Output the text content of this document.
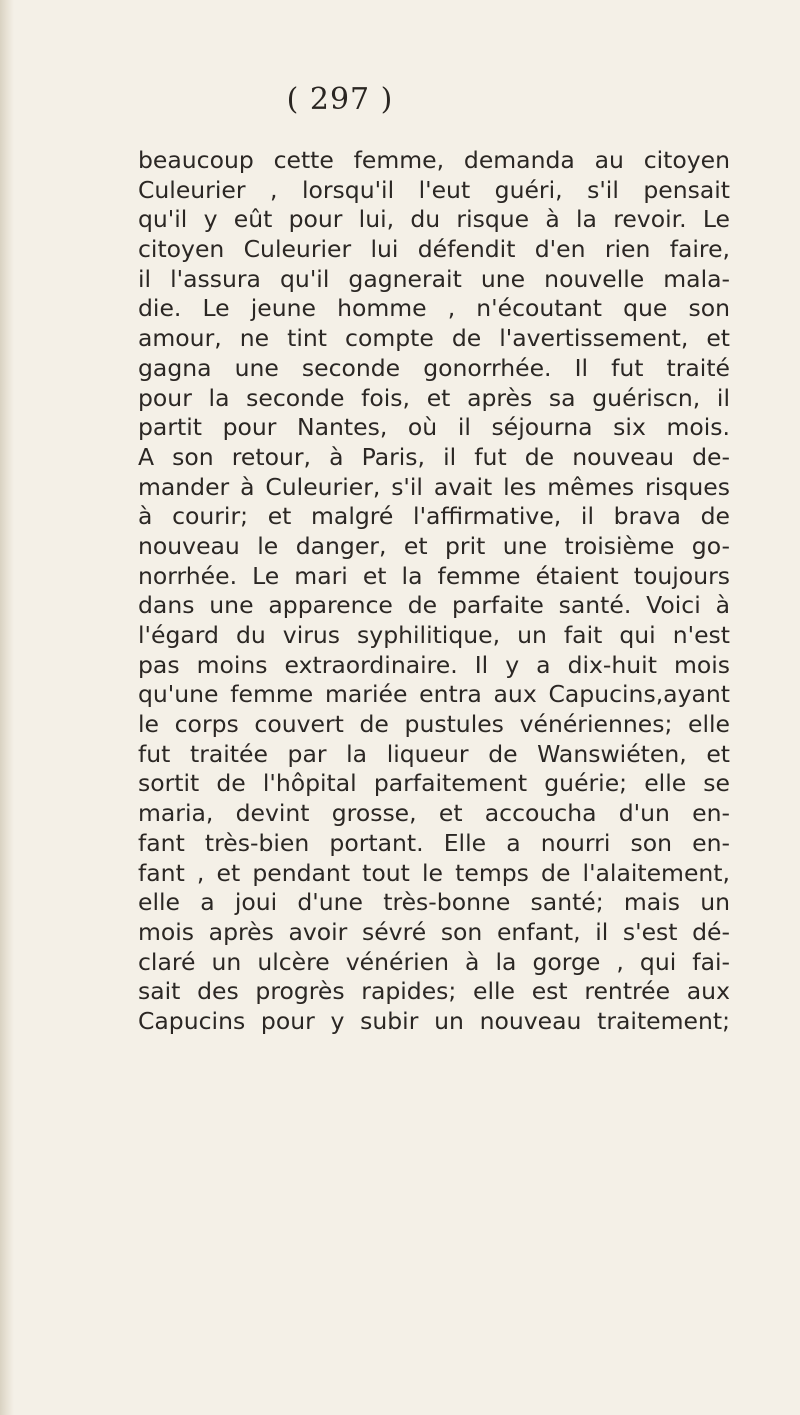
( 297 )
beaucoup cette femme, demanda au citoyen
Culeurier , lorsqu'il l'eut guéri, s'il pensait
qu'il y eût pour lui, du risque à la revoir. Le
citoyen Culeurier lui défendit d'en rien faire,
il l'assura qu'il gagnerait une nouvelle mala-
die. Le jeune homme , n'écoutant que son
amour, ne tint compte de l'avertissement, et
gagna une seconde gonorrhée. Il fut traité
pour la seconde fois, et après sa guériscn, il
partit pour Nantes, où il séjourna six mois.
A son retour, à Paris, il fut de nouveau de-
mander à Culeurier, s'il avait les mêmes risques
à courir; et malgré l'affirmative, il brava de
nouveau le danger, et prit une troisième go-
norrhée. Le mari et la femme étaient toujours
dans une apparence de parfaite santé. Voici à
l'égard du virus syphilitique, un fait qui n'est
pas moins extraordinaire. Il y a dix-huit mois
qu'une femme mariée entra aux Capucins,ayant
le corps couvert de pustules vénériennes; elle
fut traitée par la liqueur de Wanswiéten, et
sortit de l'hôpital parfaitement guérie; elle se
maria, devint grosse, et accoucha d'un en-
fant très-bien portant. Elle a nourri son en-
fant , et pendant tout le temps de l'alaitement,
elle a joui d'une très-bonne santé; mais un
mois après avoir sévré son enfant, il s'est dé-
claré un ulcère vénérien à la gorge , qui fai-
sait des progrès rapides; elle est rentrée aux
Capucins pour y subir un nouveau traitement;
